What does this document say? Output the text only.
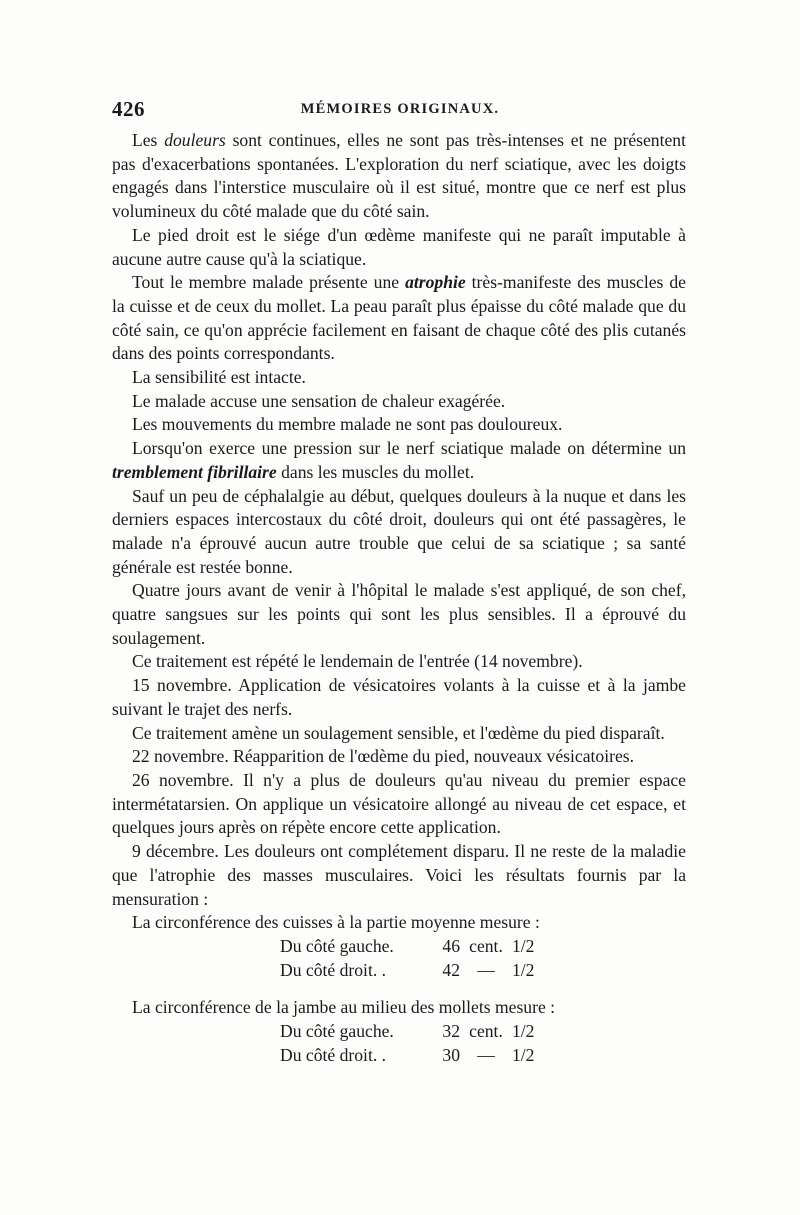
426	MÉMOIRES ORIGINAUX.

Les douleurs sont continues, elles ne sont pas très-intenses et ne présentent pas d'exacerbations spontanées. L'exploration du nerf sciatique, avec les doigts engagés dans l'interstice musculaire où il est situé, montre que ce nerf est plus volumineux du côté malade que du côté sain.

Le pied droit est le siége d'un œdème manifeste qui ne paraît imputable à aucune autre cause qu'à la sciatique.

Tout le membre malade présente une atrophie très-manifeste des muscles de la cuisse et de ceux du mollet. La peau paraît plus épaisse du côté malade que du côté sain, ce qu'on apprécie facilement en faisant de chaque côté des plis cutanés dans des points correspondants.

La sensibilité est intacte.

Le malade accuse une sensation de chaleur exagérée.

Les mouvements du membre malade ne sont pas douloureux.

Lorsqu'on exerce une pression sur le nerf sciatique malade on détermine un tremblement fibrillaire dans les muscles du mollet.

Sauf un peu de céphalalgie au début, quelques douleurs à la nuque et dans les derniers espaces intercostaux du côté droit, douleurs qui ont été passagères, le malade n'a éprouvé aucun autre trouble que celui de sa sciatique ; sa santé générale est restée bonne.

Quatre jours avant de venir à l'hôpital le malade s'est appliqué, de son chef, quatre sangsues sur les points qui sont les plus sensibles. Il a éprouvé du soulagement.

Ce traitement est répété le lendemain de l'entrée (14 novembre).

15 novembre. Application de vésicatoires volants à la cuisse et à la jambe suivant le trajet des nerfs.

Ce traitement amène un soulagement sensible, et l'œdème du pied disparaît.

22 novembre. Réapparition de l'œdème du pied, nouveaux vésicatoires.

26 novembre. Il n'y a plus de douleurs qu'au niveau du premier espace intermétatarsien. On applique un vésicatoire allongé au niveau de cet espace, et quelques jours après on répète encore cette application.

9 décembre. Les douleurs ont complétement disparu. Il ne reste de la maladie que l'atrophie des masses musculaires. Voici les résultats fournis par la mensuration :

La circonférence des cuisses à la partie moyenne mesure :

Du côté gauche.	46 cent. 1/2
Du côté droit. .	42 — 1/2

La circonférence de la jambe au milieu des mollets mesure :

Du côté gauche.	32 cent. 1/2
Du côté droit. .	30 — 1/2
